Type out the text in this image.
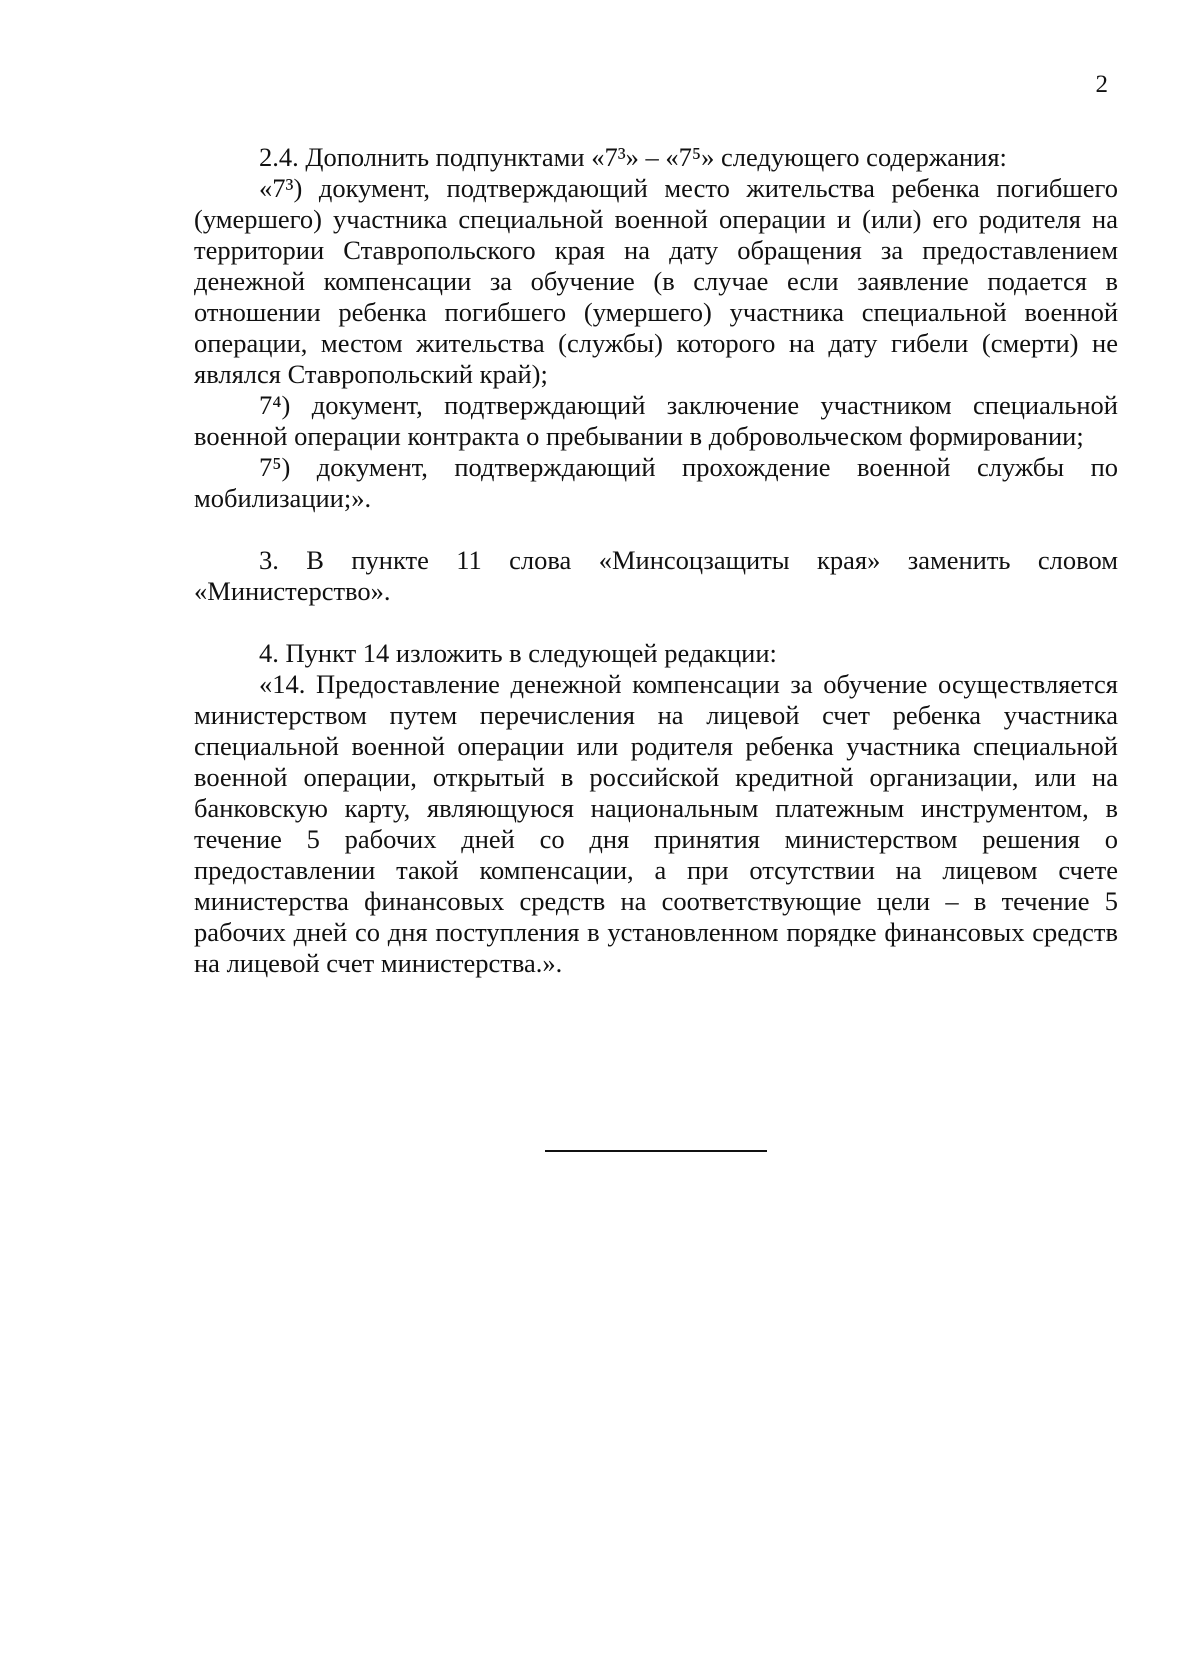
2

2.4. Дополнить подпунктами «7³» – «7⁵» следующего содержания:

«7³) документ, подтверждающий место жительства ребенка погибшего (умершего) участника специальной военной операции и (или) его родителя на территории Ставропольского края на дату обращения за предоставлением денежной компенсации за обучение (в случае если заявление подается в отношении ребенка погибшего (умершего) участника специальной военной операции, местом жительства (службы) которого на дату гибели (смерти) не являлся Ставропольский край);

7⁴) документ, подтверждающий заключение участником специальной военной операции контракта о пребывании в добровольческом формировании;

7⁵) документ, подтверждающий прохождение военной службы по мобилизации;».

3. В пункте 11 слова «Минсоцзащиты края» заменить словом «Министерство».

4. Пункт 14 изложить в следующей редакции:

«14. Предоставление денежной компенсации за обучение осуществляется министерством путем перечисления на лицевой счет ребенка участника специальной военной операции или родителя ребенка участника специальной военной операции, открытый в российской кредитной организации, или на банковскую карту, являющуюся национальным платежным инструментом, в течение 5 рабочих дней со дня принятия министерством решения о предоставлении такой компенсации, а при отсутствии на лицевом счете министерства финансовых средств на соответствующие цели – в течение 5 рабочих дней со дня поступления в установленном порядке финансовых средств на лицевой счет министерства.».
